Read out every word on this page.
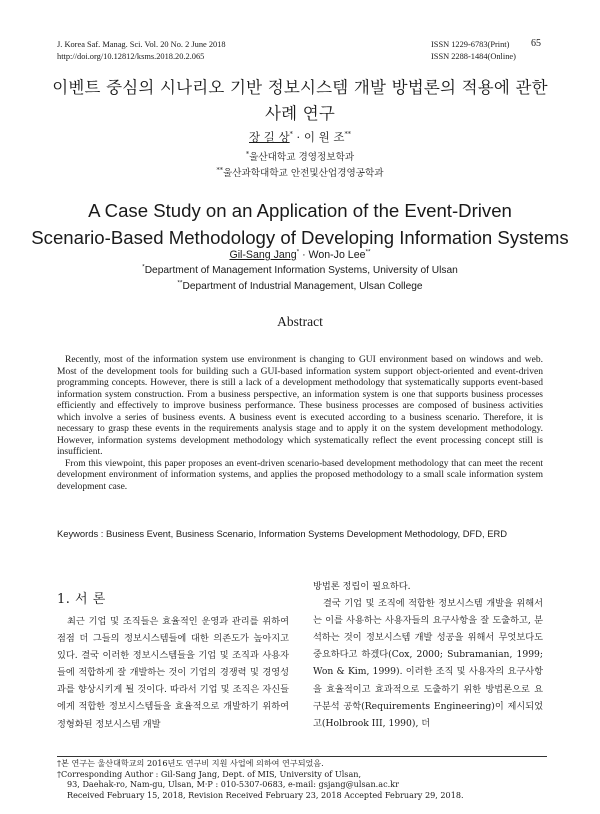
J. Korea Saf. Manag. Sci. Vol. 20 No. 2 June 2018
http://doi.org/10.12812/ksms.2018.20.2.065
ISSN 1229-6783(Print) 65
ISSN 2288-1484(Online)
이벤트 중심의 시나리오 기반 정보시스템 개발 방법론의 적용에 관한
사례 연구
장 길 상* · 이 원 조**
*울산대학교 경영정보학과
**울산과학대학교 안전및산업경영공학과
A Case Study on an Application of the Event-Driven
Scenario-Based Methodology of Developing Information Systems
Gil-Sang Jang* · Won-Jo Lee**
*Department of Management Information Systems, University of Ulsan
**Department of Industrial Management, Ulsan College
Abstract

Recently, most of the information system use environment is changing to GUI environment based on windows and web. Most of the development tools for building such a GUI-based information system support object-oriented and event-driven programming concepts. However, there is still a lack of a development methodology that systematically supports event-based information system construction. From a business perspective, an information system is one that supports business processes efficiently and effectively to improve business performance. These business processes are composed of business activities which involve a series of business events. A business event is executed according to a business scenario. Therefore, it is necessary to grasp these events in the requirements analysis stage and to apply it on the system development methodology. However, information systems development methodology which systematically reflect the event processing concept still is insufficient.

From this viewpoint, this paper proposes an event-driven scenario-based development methodology that can meet the recent development environment of information systems, and applies the proposed methodology to a small scale information system development case.

Keywords : Business Event, Business Scenario, Information Systems Development Methodology, DFD, ERD
1. 서 론

최근 기업 및 조직들은 효율적인 운영과 관리를 위하여 점점 더 그들의 정보시스템들에 대한 의존도가 높아지고 있다. 결국 이러한 정보시스템들을 기업 및 조직과 사용자들에 적합하게 잘 개발하는 것이 기업의 경쟁력 및 경영성과를 향상시키게 될 것이다. 따라서 기업 및 조직은 자신들에게 적합한 정보시스템들을 효율적으로 개발하기 위하여 정형화된 정보시스템 개발

방법론 정립이 필요하다.

결국 기업 및 조직에 적합한 정보시스템 개발을 위해서는 이를 사용하는 사용자들의 요구사항을 잘 도출하고, 분석하는 것이 정보시스템 개발 성공을 위해서 무엇보다도 중요하다고 하겠다(Cox, 2000; Subramanian, 1999; Won & Kim, 1999). 이러한 조직 및 사용자의 요구사항을 효율적이고 효과적으로 도출하기 위한 방법론으로 요구분석 공학(Requirements Engineering)이 제시되었고(Holbrook III, 1990), 더

†본 연구는 울산대학교의 2016년도 연구비 지원 사업에 의하여 연구되었음.
†Corresponding Author : Gil-Sang Jang, Dept. of MIS, University of Ulsan,
93, Daehak-ro, Nam-gu, Ulsan, M·P : 010-5307-0683, e-mail: gsjang@ulsan.ac.kr
Received February 15, 2018, Revision Received February 23, 2018 Accepted February 29, 2018.
